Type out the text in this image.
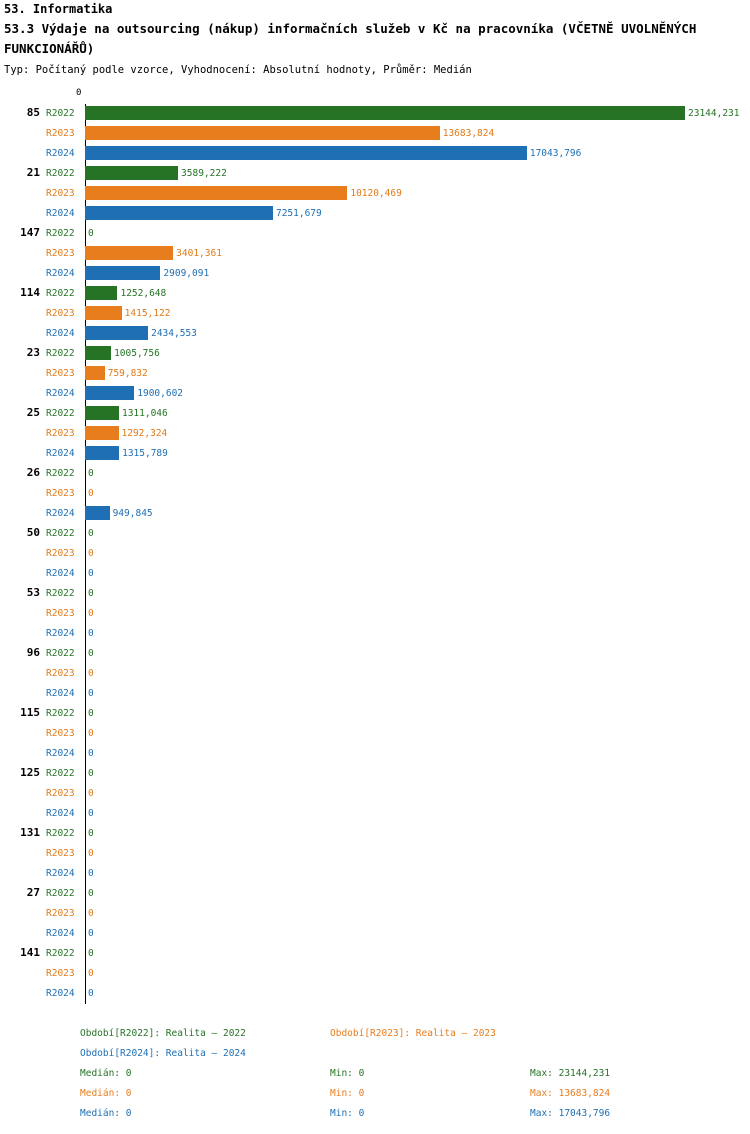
53. Informatika
53.3 Výdaje na outsourcing (nákup) informačních služeb v Kč na pracovníka (VČETNĚ UVOLNĚNÝCH FUNKCIONÁŘŮ)
Typ: Počítaný podle vzorce, Vyhodnocení: Absolutní hodnoty, Průměr: Medián
0
85 R2022	23144,231
R2023	13683,824
R2024	17043,796
21 R2022	3589,222
R2023	10120,469
R2024	7251,679
147 R2022	0
R2023	3401,361
R2024	2909,091
114 R2022	1252,648
R2023	1415,122
R2024	2434,553
23 R2022	1005,756
R2023	759,832
R2024	1900,602
25 R2022	1311,046
R2023	1292,324
R2024	1315,789
26 R2022	0
R2023	0
R2024	949,845
50 R2022	0
R2023	0
R2024	0
53 R2022	0
R2023	0
R2024	0
96 R2022	0
R2023	0
R2024	0
115 R2022	0
R2023	0
R2024	0
125 R2022	0
R2023	0
R2024	0
131 R2022	0
R2023	0
R2024	0
27 R2022	0
R2023	0
R2024	0
141 R2022	0
R2023	0
R2024	0
Období[R2022]: Realita – 2022	Období[R2023]: Realita – 2023
Období[R2024]: Realita – 2024
Medián: 0	Min: 0	Max: 23144,231
Medián: 0	Min: 0	Max: 13683,824
Medián: 0	Min: 0	Max: 17043,796
